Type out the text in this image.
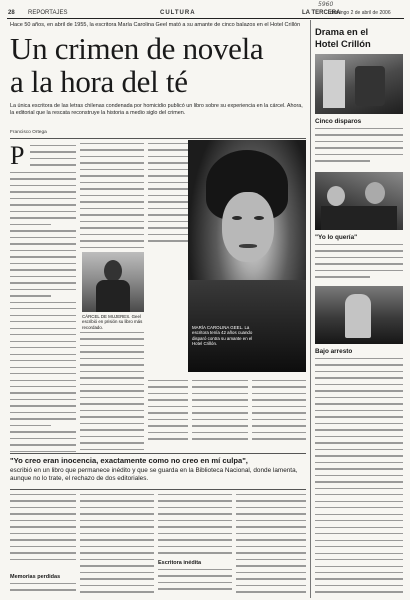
28 REPORTAJES	CULTURA	LA TERCERA
domingo 2 de abril de 2006
5960
Hace 50 años, en abril de 1955, la escritora María Carolina Geel mató a su amante de cinco balazos en el Hotel Crillón
Un crimen de novela
a la hora del té
La única escritora de las letras chilenas condenada por homicidio publicó un libro sobre su experiencia en la cárcel. Ahora, la editorial que la rescata reconstruye la historia a medio siglo del crimen.
Francisco Ortega
P
CÁRCEL DE MUJERES. Geel escribió en prisión su libro más recordado.	MARÍA CAROLINA GEEL. La escritora tenía 42 años cuando disparó contra su amante en el Hotel Crillón.
"Yo creo eran inocencia, exactamente como no creo en mí culpa",
escribió en un libro que permanece inédito y que se guarda en la Biblioteca Nacional, donde lamenta, aunque no lo trate, el rechazo de dos editoriales.
Memorias perdidas
Escritora inédita
Drama en el
Hotel Crillón
Cinco disparos
"Yo lo quería"
Bajo arresto
